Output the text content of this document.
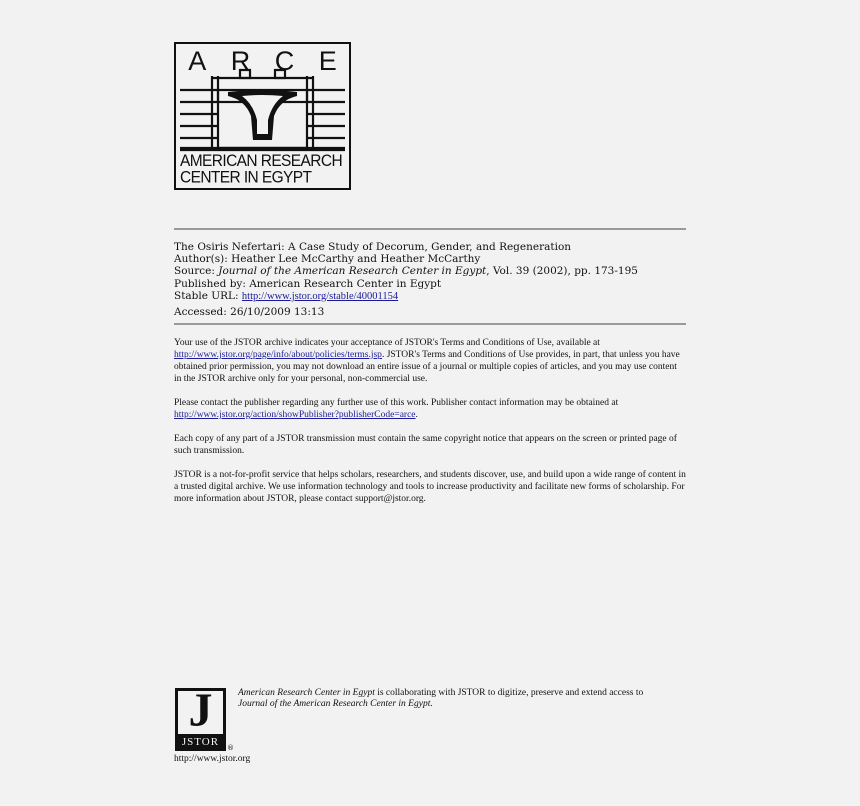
A R C E
AMERICAN RESEARCH
CENTER IN EGYPT
The Osiris Nefertari: A Case Study of Decorum, Gender, and Regeneration
Author(s): Heather Lee McCarthy and Heather McCarthy
Source: Journal of the American Research Center in Egypt, Vol. 39 (2002), pp. 173-195
Published by: American Research Center in Egypt
Stable URL: http://www.jstor.org/stable/40001154
Accessed: 26/10/2009 13:13

Your use of the JSTOR archive indicates your acceptance of JSTOR's Terms and Conditions of Use, available at http://www.jstor.org/page/info/about/policies/terms.jsp. JSTOR's Terms and Conditions of Use provides, in part, that unless you have obtained prior permission, you may not download an entire issue of a journal or multiple copies of articles, and you may use content in the JSTOR archive only for your personal, non-commercial use.

Please contact the publisher regarding any further use of this work. Publisher contact information may be obtained at http://www.jstor.org/action/showPublisher?publisherCode=arce.

Each copy of any part of a JSTOR transmission must contain the same copyright notice that appears on the screen or printed page of such transmission.

JSTOR is a not-for-profit service that helps scholars, researchers, and students discover, use, and build upon a wide range of content in a trusted digital archive. We use information technology and tools to increase productivity and facilitate new forms of scholarship. For more information about JSTOR, please contact support@jstor.org.

J
JSTOR	®
http://www.jstor.org
American Research Center in Egypt is collaborating with JSTOR to digitize, preserve and extend access to
Journal of the American Research Center in Egypt.
